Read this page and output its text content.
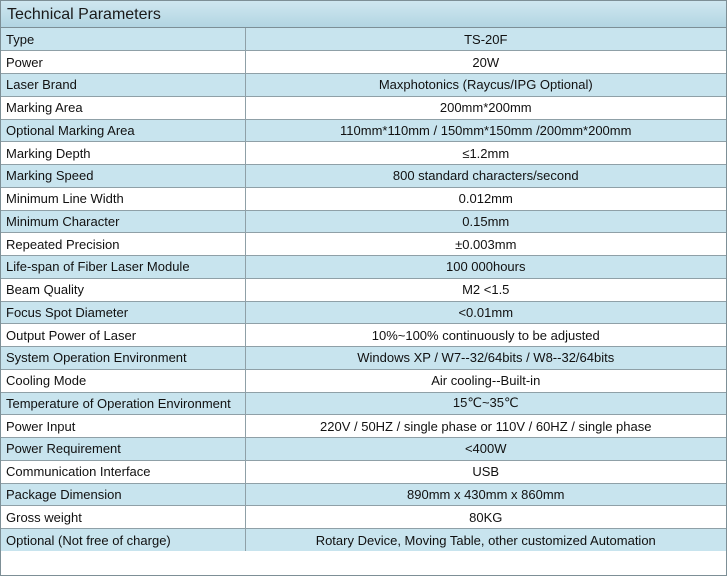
Technical Parameters
Type	TS-20F
Power	20W
Laser Brand	Maxphotonics (Raycus/IPG Optional)
Marking Area	200mm*200mm
Optional Marking Area	110mm*110mm / 150mm*150mm /200mm*200mm
Marking Depth	≤1.2mm
Marking Speed	800 standard characters/second
Minimum Line Width	0.012mm
Minimum Character	0.15mm
Repeated Precision	±0.003mm
Life-span of Fiber Laser Module	100 000hours
Beam Quality	M2 <1.5
Focus Spot Diameter	<0.01mm
Output Power of Laser	10%~100% continuously to be adjusted
System Operation Environment	Windows XP / W7--32/64bits / W8--32/64bits
Cooling Mode	Air cooling--Built-in
Temperature of Operation Environment	15℃~35℃
Power Input	220V / 50HZ / single phase or 110V / 60HZ / single phase
Power Requirement	<400W
Communication Interface	USB
Package Dimension	890mm x 430mm x 860mm
Gross weight	80KG
Optional (Not free of charge)	Rotary Device, Moving Table, other customized Automation
